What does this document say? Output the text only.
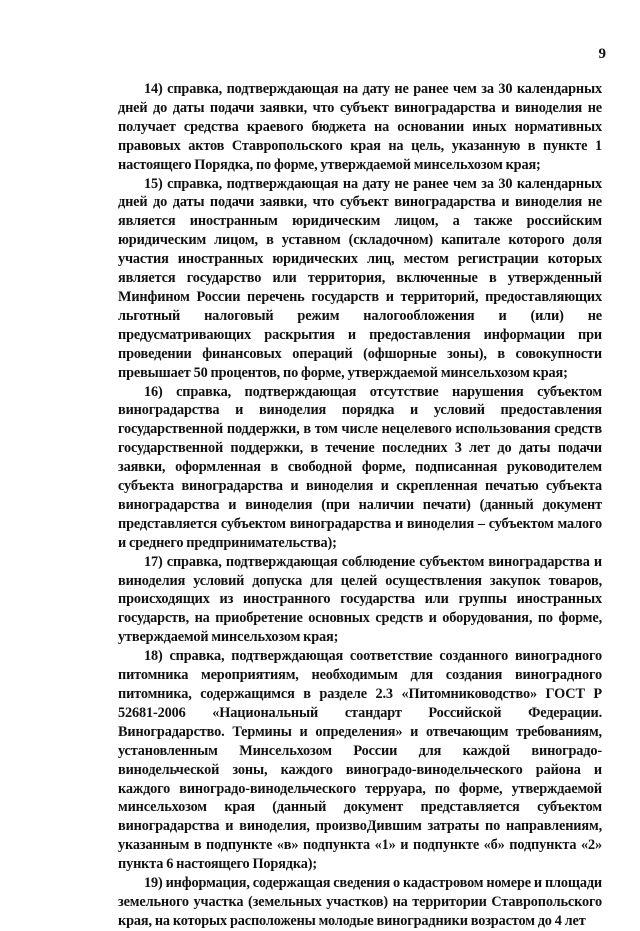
9

14) справка, подтверждающая на дату не ранее чем за 30 календарных дней до даты подачи заявки, что субъект виноградарства и виноделия не получает средства краевого бюджета на основании иных нормативных правовых актов Ставропольского края на цель, указанную в пункте 1 настоящего Порядка, по форме, утверждаемой минсельхозом края;

15) справка, подтверждающая на дату не ранее чем за 30 календарных дней до даты подачи заявки, что субъект виноградарства и виноделия не является иностранным юридическим лицом, а также российским юридическим лицом, в уставном (складочном) капитале которого доля участия иностранных юридических лиц, местом регистрации которых является государство или территория, включенные в утвержденный Минфином России перечень государств и территорий, предоставляющих льготный налоговый режим налогообложения и (или) не предусматривающих раскрытия и предоставления информации при проведении финансовых операций (офшорные зоны), в совокупности превышает 50 процентов, по форме, утверждаемой минсельхозом края;

16) справка, подтверждающая отсутствие нарушения субъектом виноградарства и виноделия порядка и условий предоставления государственной поддержки, в том числе нецелевого использования средств государственной поддержки, в течение последних 3 лет до даты подачи заявки, оформленная в свободной форме, подписанная руководителем субъекта виноградарства и виноделия и скрепленная печатью субъекта виноградарства и виноделия (при наличии печати) (данный документ представляется субъектом виноградарства и виноделия – субъектом малого и среднего предпринимательства);

17) справка, подтверждающая соблюдение субъектом виноградарства и виноделия условий допуска для целей осуществления закупок товаров, происходящих из иностранного государства или группы иностранных государств, на приобретение основных средств и оборудования, по форме, утверждаемой минсельхозом края;

18) справка, подтверждающая соответствие созданного виноградного питомника мероприятиям, необходимым для создания виноградного питомника, содержащимся в разделе 2.3 «Питомниководство» ГОСТ Р 52681-2006 «Национальный стандарт Российской Федерации. Виноградарство. Термины и определения» и отвечающим требованиям, установленным Минсельхозом России для каждой виноградо-винодельческой зоны, каждого виноградо-винодельческого района и каждого виноградо-винодельческого терруара, по форме, утверждаемой минсельхозом края (данный документ представляется субъектом виноградарства и виноделия, произвоДившим затраты по направлениям, указанным в подпункте «в» подпункта «1» и подпункте «б» подпункта «2» пункта 6 настоящего Порядка);

19) информация, содержащая сведения о кадастровом номере и площади земельного участка (земельных участков) на территории Ставропольского края, на которых расположены молодые виноградники возрастом до 4 лет
